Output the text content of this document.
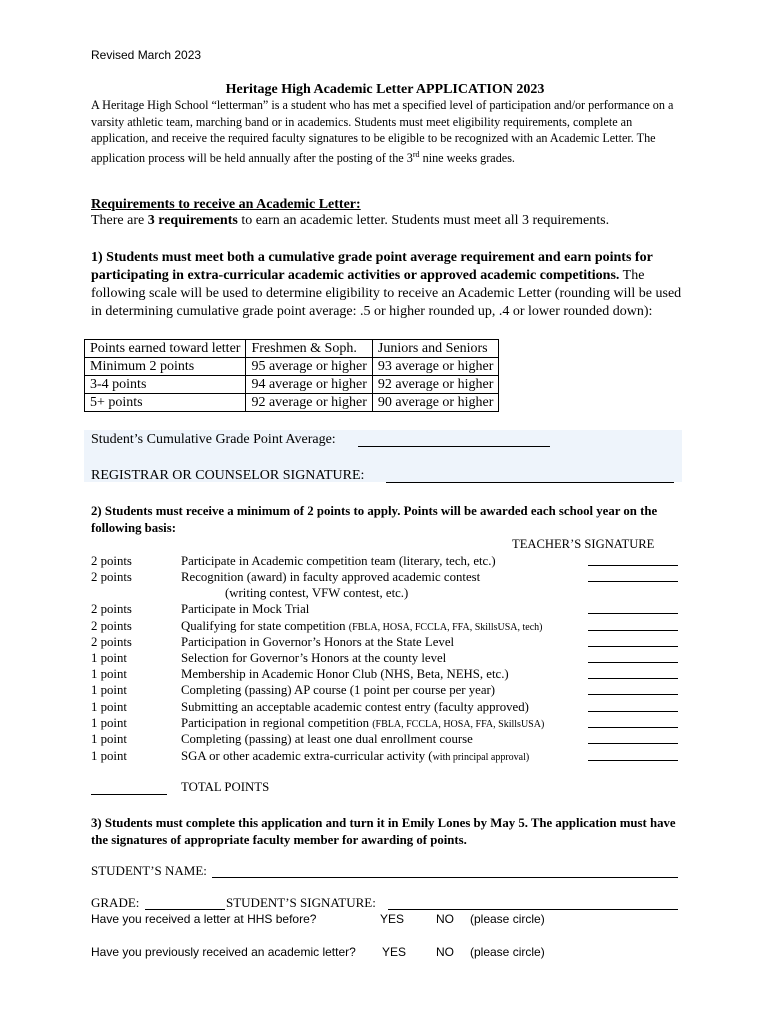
Revised March 2023
Heritage High Academic Letter APPLICATION 2023
A Heritage High School “letterman” is a student who has met a specified level of participation and/or performance on a varsity athletic team, marching band or in academics. Students must meet eligibility requirements, complete an application, and receive the required faculty signatures to be eligible to be recognized with an Academic Letter. The application process will be held annually after the posting of the 3rd nine weeks grades.
Requirements to receive an Academic Letter:
There are 3 requirements to earn an academic letter. Students must meet all 3 requirements.
1) Students must meet both a cumulative grade point average requirement and earn points for participating in extra-curricular academic activities or approved academic competitions. The following scale will be used to determine eligibility to receive an Academic Letter (rounding will be used in determining cumulative grade point average: .5 or higher rounded up, .4 or lower rounded down):
Points earned toward letter	Freshmen & Soph.	Juniors and Seniors
Minimum 2 points	95 average or higher	93 average or higher
3-4 points	94 average or higher	92 average or higher
5+ points	92 average or higher	90 average or higher
Student’s Cumulative Grade Point Average:
REGISTRAR OR COUNSELOR SIGNATURE:
2) Students must receive a minimum of 2 points to apply. Points will be awarded each school year on the following basis:
TEACHER’S SIGNATURE
2 points	Participate in Academic competition team (literary, tech, etc.)
2 points	Recognition (award) in faculty approved academic contest
(writing contest, VFW contest, etc.)
2 points	Participate in Mock Trial
2 points	Qualifying for state competition (FBLA, HOSA, FCCLA, FFA, SkillsUSA, tech)
2 points	Participation in Governor’s Honors at the State Level
1 point	Selection for Governor’s Honors at the county level
1 point	Membership in Academic Honor Club (NHS, Beta, NEHS, etc.)
1 point	Completing (passing) AP course (1 point per course per year)
1 point	Submitting an acceptable academic contest entry (faculty approved)
1 point	Participation in regional competition (FBLA, FCCLA, HOSA, FFA, SkillsUSA)
1 point	Completing (passing) at least one dual enrollment course
1 point	SGA or other academic extra-curricular activity (with principal approval)
TOTAL POINTS
3) Students must complete this application and turn it in Emily Lones by May 5. The application must have the signatures of appropriate faculty member for awarding of points.
STUDENT’S NAME:
GRADE:	STUDENT’S SIGNATURE:
Have you received a letter at HHS before?	YES	NO (please circle)
Have you previously received an academic letter? YES NO (please circle)
